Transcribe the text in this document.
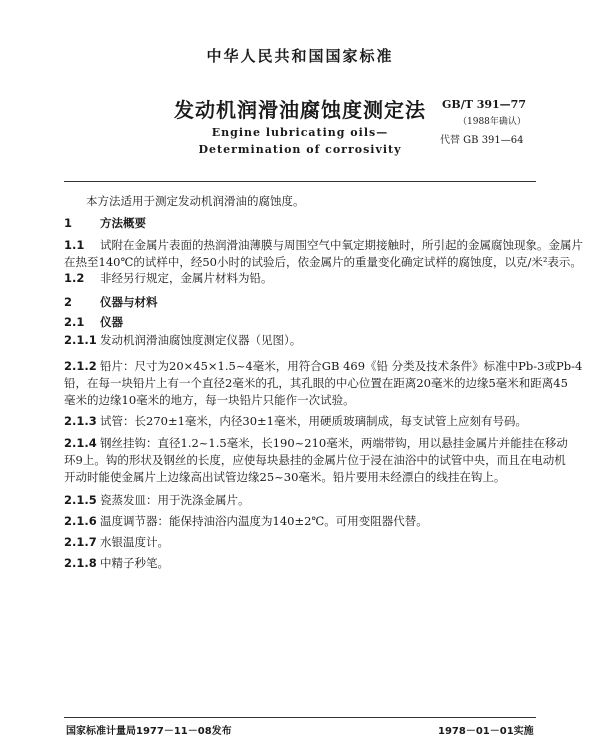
中华人民共和国国家标准
发动机润滑油腐蚀度测定法	GB/T 391—77
（1988年确认）
Engine lubricating oils—
Determination of corrosivity
代替 GB 391—64
本方法适用于测定发动机润滑油的腐蚀度。
1 方法概要
1.1 试附在金属片表面的热润滑油薄膜与周围空气中氧定期接触时，所引起的金属腐蚀现象。金属片
在热至140℃的试样中，经50小时的试验后，依金属片的重量变化确定试样的腐蚀度，以克/米²表示。
1.2 非经另行规定，金属片材料为铅。
2 仪器与材料
2.1 仪器
2.1.1 发动机润滑油腐蚀度测定仪器（见图）。
2.1.2 铅片：尺寸为20×45×1.5~4毫米，用符合GB 469《铅 分类及技术条件》标准中Pb-3或Pb-4
铅，在每一块铅片上有一个直径2毫米的孔，其孔眼的中心位置在距离20毫米的边缘5毫米和距离45
毫米的边缘10毫米的地方，每一块铅片只能作一次试验。
2.1.3 试管：长270±1毫米，内径30±1毫米，用硬质玻璃制成，每支试管上应刻有号码。
2.1.4 钢丝挂钩：直径1.2~1.5毫米，长190~210毫米，两端带钩，用以悬挂金属片并能挂在移动
环9上。钩的形状及钢丝的长度，应使每块悬挂的金属片位于浸在油浴中的试管中央，而且在电动机
开动时能使金属片上边缘高出试管边缘25~30毫米。铅片要用未经漂白的线挂在钩上。
2.1.5 瓷蒸发皿：用于洗涤金属片。
2.1.6 温度调节器：能保持油浴内温度为140±2℃。可用变阻器代替。
2.1.7 水银温度计。
2.1.8 中精子秒笔。
国家标准计量局1977－11－08发布	1978－01－01实施
